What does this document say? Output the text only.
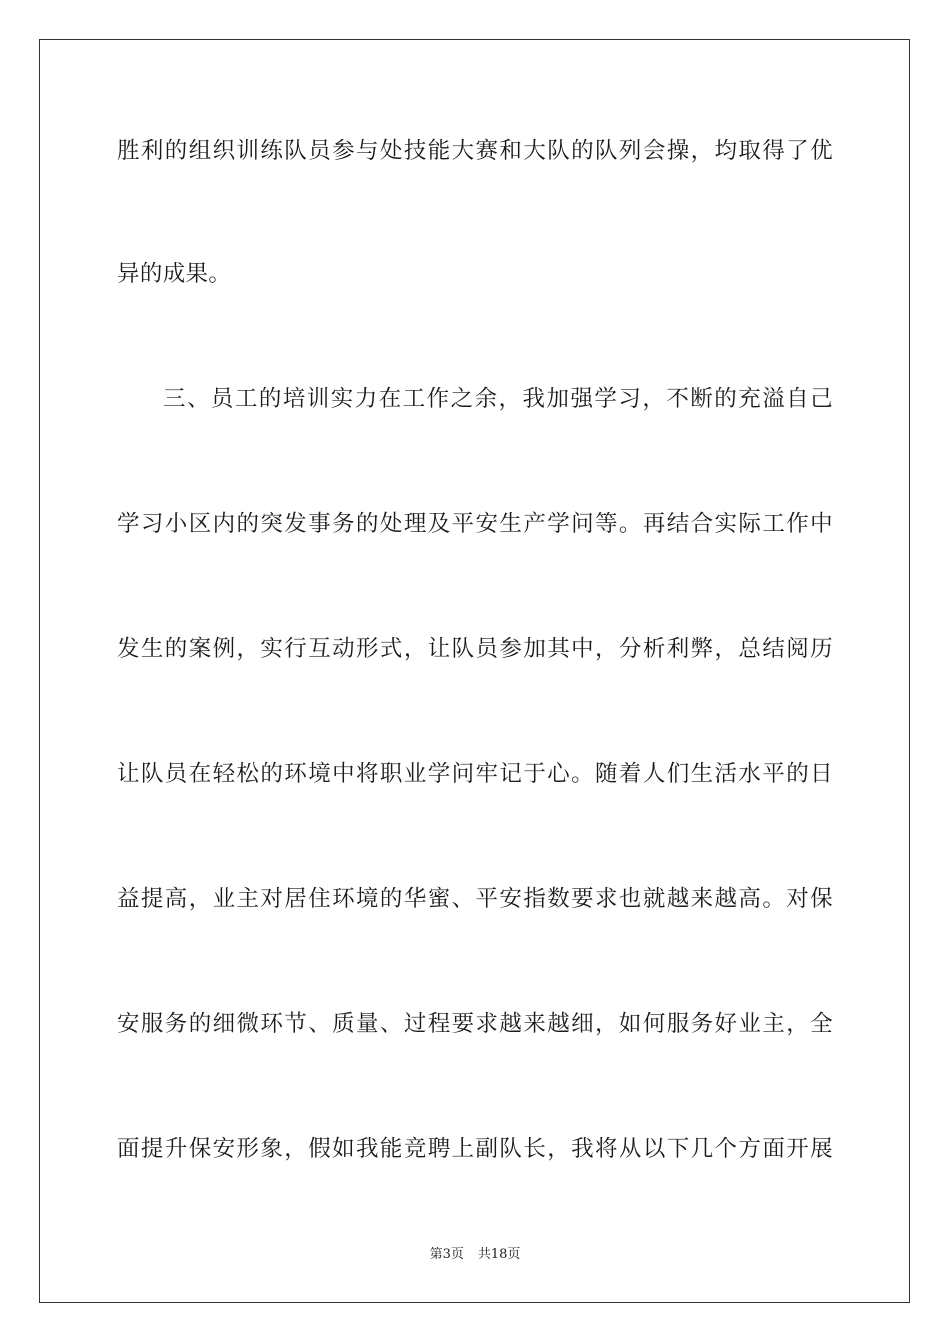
胜利的组织训练队员参与处技能大赛和大队的队列会操，均取得了优
异的成果。
三、员工的培训实力在工作之余，我加强学习，不断的充溢自己
学习小区内的突发事务的处理及平安生产学问等。再结合实际工作中
发生的案例，实行互动形式，让队员参加其中，分析利弊，总结阅历
让队员在轻松的环境中将职业学问牢记于心。随着人们生活水平的日
益提高，业主对居住环境的华蜜、平安指数要求也就越来越高。对保
安服务的细微环节、质量、过程要求越来越细，如何服务好业主，全
面提升保安形象，假如我能竞聘上副队长，我将从以下几个方面开展
第3页 共18页
